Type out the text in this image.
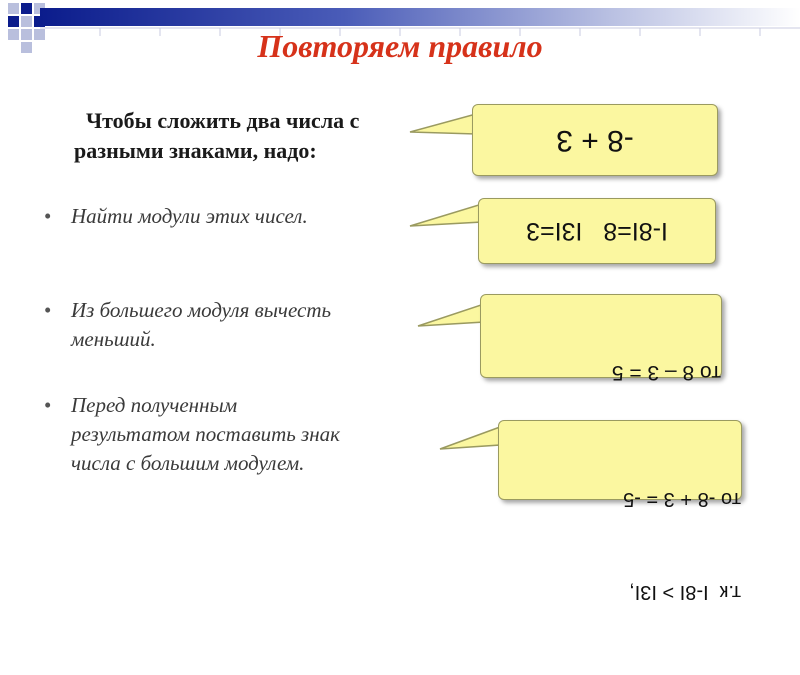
Повторяем правило
Чтобы сложить два числа с
разными знаками, надо:
• Найти модули этих чисел.
• Из большего модуля вычесть
меньший.
• Перед полученным
результатом поставить знак
числа с большим модулем.
-8 + 3
I-8I=8   I3I=3

то 8 – 3 = 5

т.к  I-8I > I3I,

то -8 + 3 = -5
